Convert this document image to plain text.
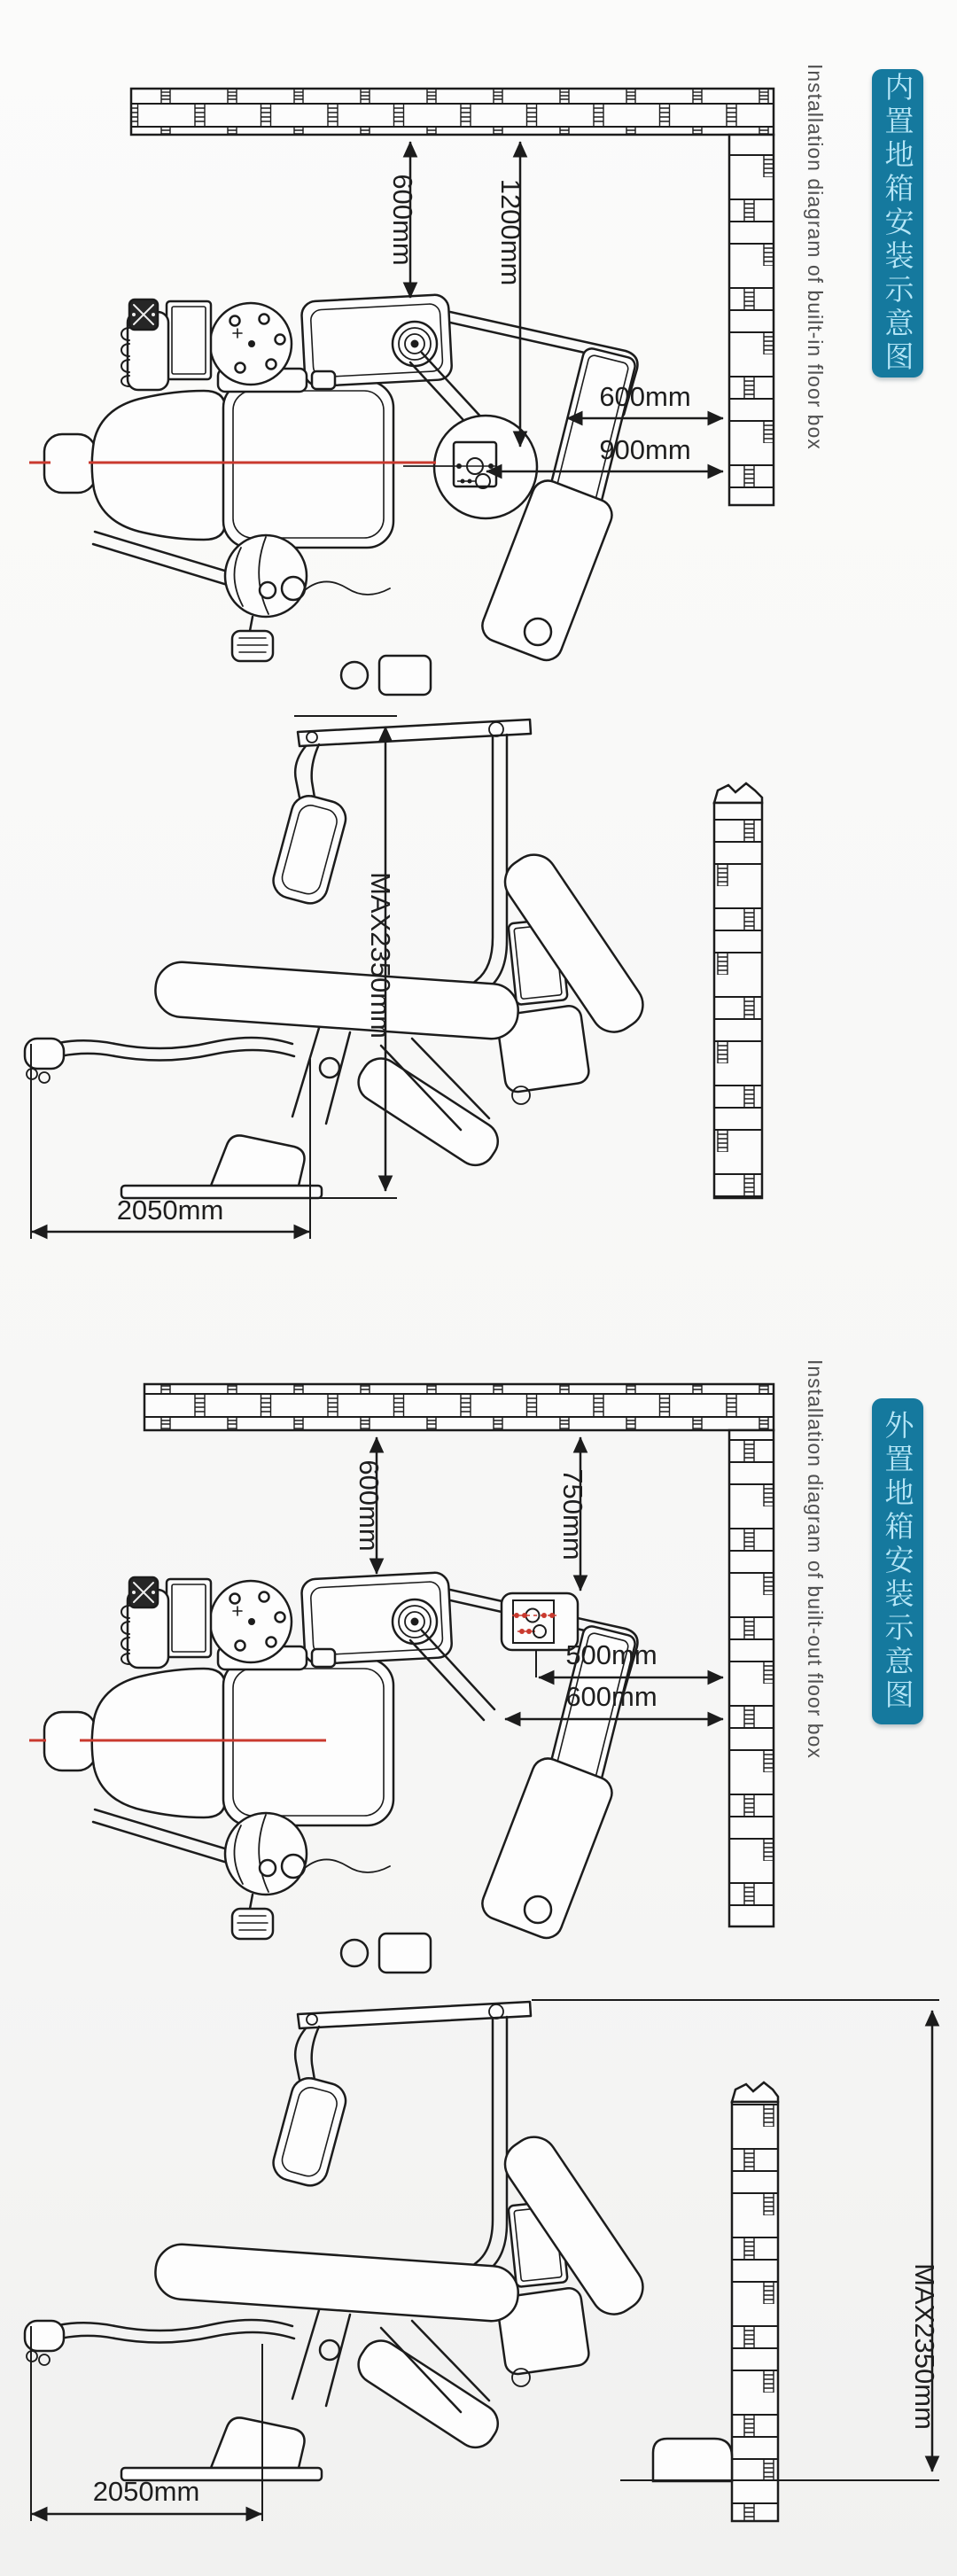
600mm	1200mm
600mm
900mm
MAX2350mm
2050mm
600mm	750mm
500mm
600mm
MAX2350mm
2050mm
Installation diagram of built-in floor box
Installation diagram of built-out floor box
内置地箱安装示意图
外置地箱安装示意图
